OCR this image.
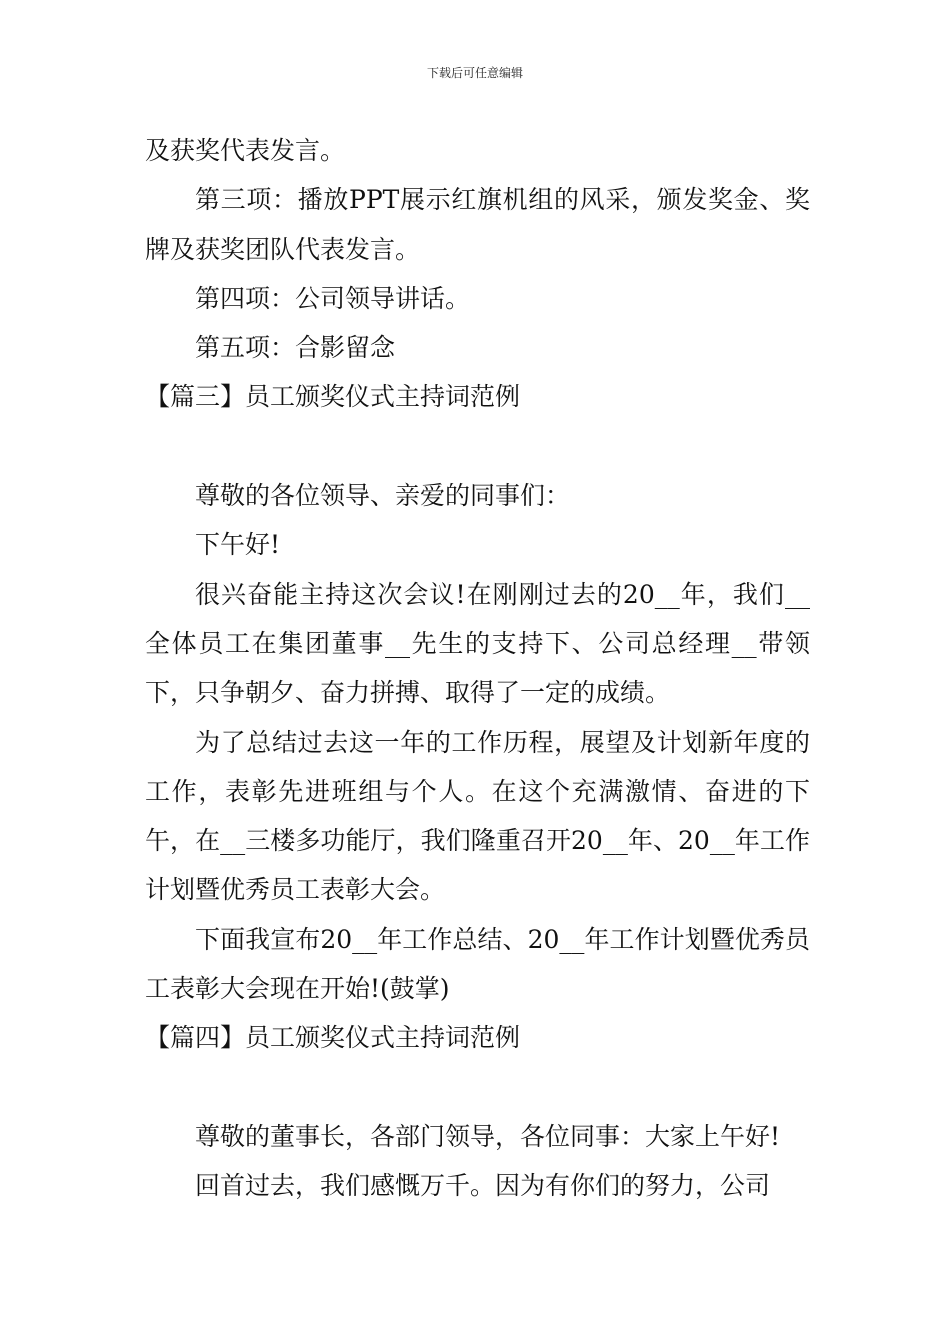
下载后可任意编辑

及获奖代表发言。

第三项：播放PPT展示红旗机组的风采，颁发奖金、奖牌及获奖团队代表发言。

第四项：公司领导讲话。

第五项：合影留念

【篇三】员工颁奖仪式主持词范例

尊敬的各位领导、亲爱的同事们：

下午好!

很兴奋能主持这次会议!在刚刚过去的20__年，我们__全体员工在集团董事__先生的支持下、公司总经理__带领下，只争朝夕、奋力拼搏、取得了一定的成绩。

为了总结过去这一年的工作历程，展望及计划新年度的工作，表彰先进班组与个人。在这个充满激情、奋进的下午，在__三楼多功能厅，我们隆重召开20__年、20__年工作计划暨优秀员工表彰大会。

下面我宣布20__年工作总结、20__年工作计划暨优秀员工表彰大会现在开始!(鼓掌)

【篇四】员工颁奖仪式主持词范例

尊敬的董事长，各部门领导，各位同事：大家上午好!

回首过去，我们感慨万千。因为有你们的努力，公司
